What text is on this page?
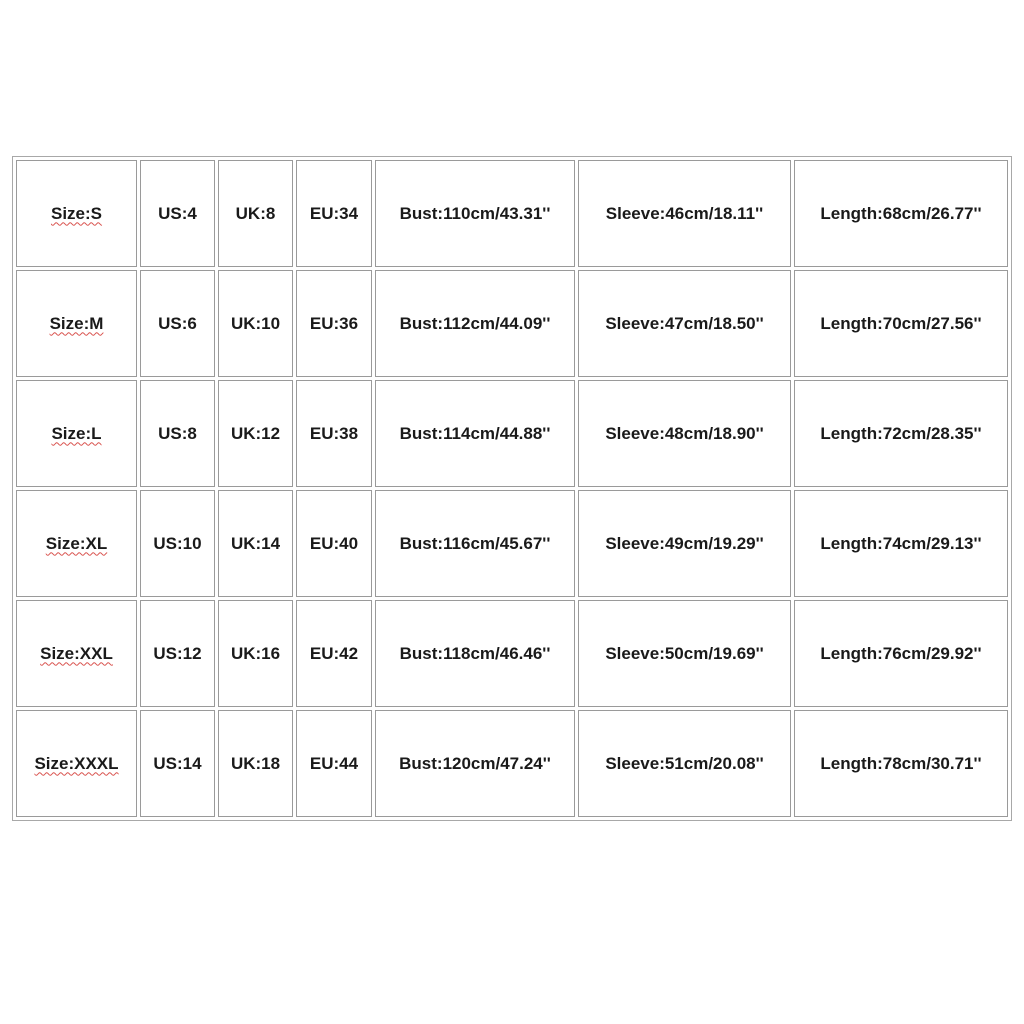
Size:S	US:4	UK:8	EU:34	Bust:110cm/43.31''	Sleeve:46cm/18.11''	Length:68cm/26.77''
Size:M	US:6	UK:10	EU:36	Bust:112cm/44.09''	Sleeve:47cm/18.50''	Length:70cm/27.56''
Size:L	US:8	UK:12	EU:38	Bust:114cm/44.88''	Sleeve:48cm/18.90''	Length:72cm/28.35''
Size:XL	US:10	UK:14	EU:40	Bust:116cm/45.67''	Sleeve:49cm/19.29''	Length:74cm/29.13''
Size:XXL	US:12	UK:16	EU:42	Bust:118cm/46.46''	Sleeve:50cm/19.69''	Length:76cm/29.92''
Size:XXXL	US:14	UK:18	EU:44	Bust:120cm/47.24''	Sleeve:51cm/20.08''	Length:78cm/30.71''
